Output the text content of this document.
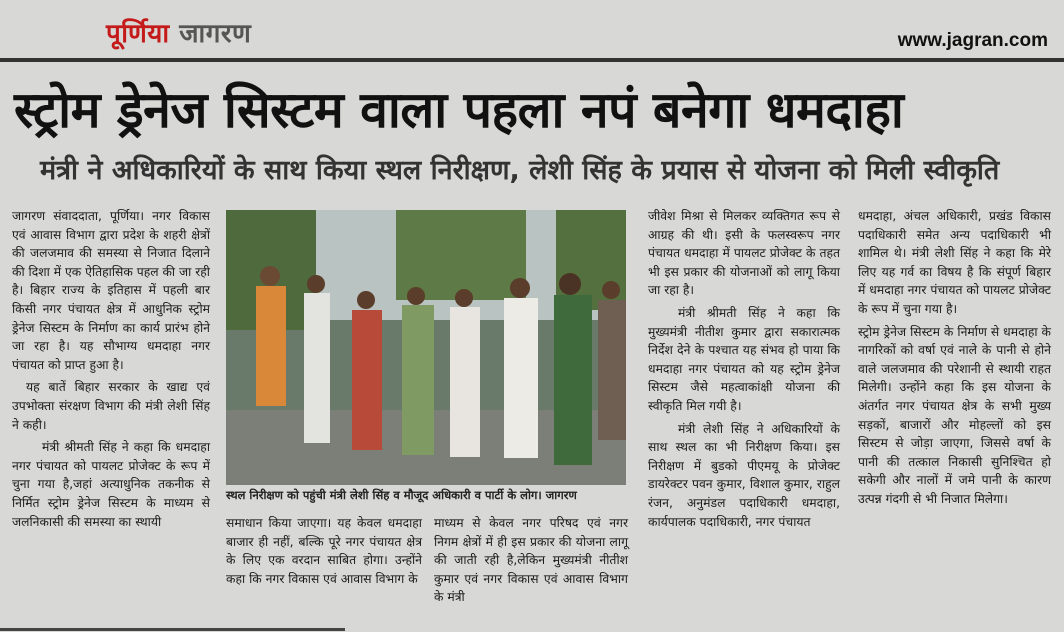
पूर्णिया जागरण	www.jagran.com
स्ट्रोम ड्रेनेज सिस्टम वाला पहला नपं बनेगा धमदाहा
मंत्री ने अधिकारियों के साथ किया स्थल निरीक्षण, लेशी सिंह के प्रयास से योजना को मिली स्वीकृति

जागरण संवाददाता, पूर्णिया। नगर विकास एवं आवास विभाग द्वारा प्रदेश के शहरी क्षेत्रों की जलजमाव की समस्या से निजात दिलाने की दिशा में एक ऐतिहासिक पहल की जा रही है। बिहार राज्य के इतिहास में पहली बार किसी नगर पंचायत क्षेत्र में आधुनिक स्ट्रोम ड्रेनेज सिस्टम के निर्माण का कार्य प्रारंभ होने जा रहा है। यह सौभाग्य धमदाहा नगर पंचायत को प्राप्त हुआ है।

यह बातें बिहार सरकार के खाद्य एवं उपभोक्ता संरक्षण विभाग की मंत्री लेशी सिंह ने कही।

मंत्री श्रीमती सिंह ने कहा कि धमदाहा नगर पंचायत को पायलट प्रोजेक्ट के रूप में चुना गया है,जहां अत्याधुनिक तकनीक से निर्मित स्ट्रोम ड्रेनेज सिस्टम के माध्यम से जलनिकासी की समस्या का स्थायी

स्थल निरीक्षण को पहुंची मंत्री लेशी सिंह व मौजूद अधिकारी व पार्टी के लोग। जागरण

समाधान किया जाएगा। यह केवल धमदाहा बाजार ही नहीं, बल्कि पूरे नगर पंचायत क्षेत्र के लिए एक वरदान साबित होगा। उन्होंने कहा कि नगर विकास एवं आवास विभाग के

माध्यम से केवल नगर परिषद एवं नगर निगम क्षेत्रों में ही इस प्रकार की योजना लागू की जाती रही है,लेकिन मुख्यमंत्री नीतीश कुमार एवं नगर विकास एवं आवास विभाग के मंत्री

जीवेश मिश्रा से मिलकर व्यक्तिगत रूप से आग्रह की थी। इसी के फलस्वरूप नगर पंचायत धमदाहा में पायलट प्रोजेक्ट के तहत भी इस प्रकार की योजनाओं को लागू किया जा रहा है।

मंत्री श्रीमती सिंह ने कहा कि मुख्यमंत्री नीतीश कुमार द्वारा सकारात्मक निर्देश देने के पश्चात यह संभव हो पाया कि धमदाहा नगर पंचायत को यह स्ट्रोम ड्रेनेज सिस्टम जैसे महत्वाकांक्षी योजना की स्वीकृति मिल गयी है।

मंत्री लेशी सिंह ने अधिकारियों के साथ स्थल का भी निरीक्षण किया। इस निरीक्षण में बुडको पीएमयू के प्रोजेक्ट डायरेक्टर पवन कुमार, विशाल कुमार, राहुल रंजन, अनुमंडल पदाधिकारी धमदाहा, कार्यपालक पदाधिकारी, नगर पंचायत

धमदाहा, अंचल अधिकारी, प्रखंड विकास पदाधिकारी समेत अन्य पदाधिकारी भी शामिल थे। मंत्री लेशी सिंह ने कहा कि मेरे लिए यह गर्व का विषय है कि संपूर्ण बिहार में धमदाहा नगर पंचायत को पायलट प्रोजेक्ट के रूप में चुना गया है।

स्ट्रोम ड्रेनेज सिस्टम के निर्माण से धमदाहा के नागरिकों को वर्षा एवं नाले के पानी से होने वाले जलजमाव की परेशानी से स्थायी राहत मिलेगी। उन्होंने कहा कि इस योजना के अंतर्गत नगर पंचायत क्षेत्र के सभी मुख्य सड़कों, बाजारों और मोहल्लों को इस सिस्टम से जोड़ा जाएगा, जिससे वर्षा के पानी की तत्काल निकासी सुनिश्चित हो सकेगी और नालों में जमे पानी के कारण उत्पन्न गंदगी से भी निजात मिलेगा।
